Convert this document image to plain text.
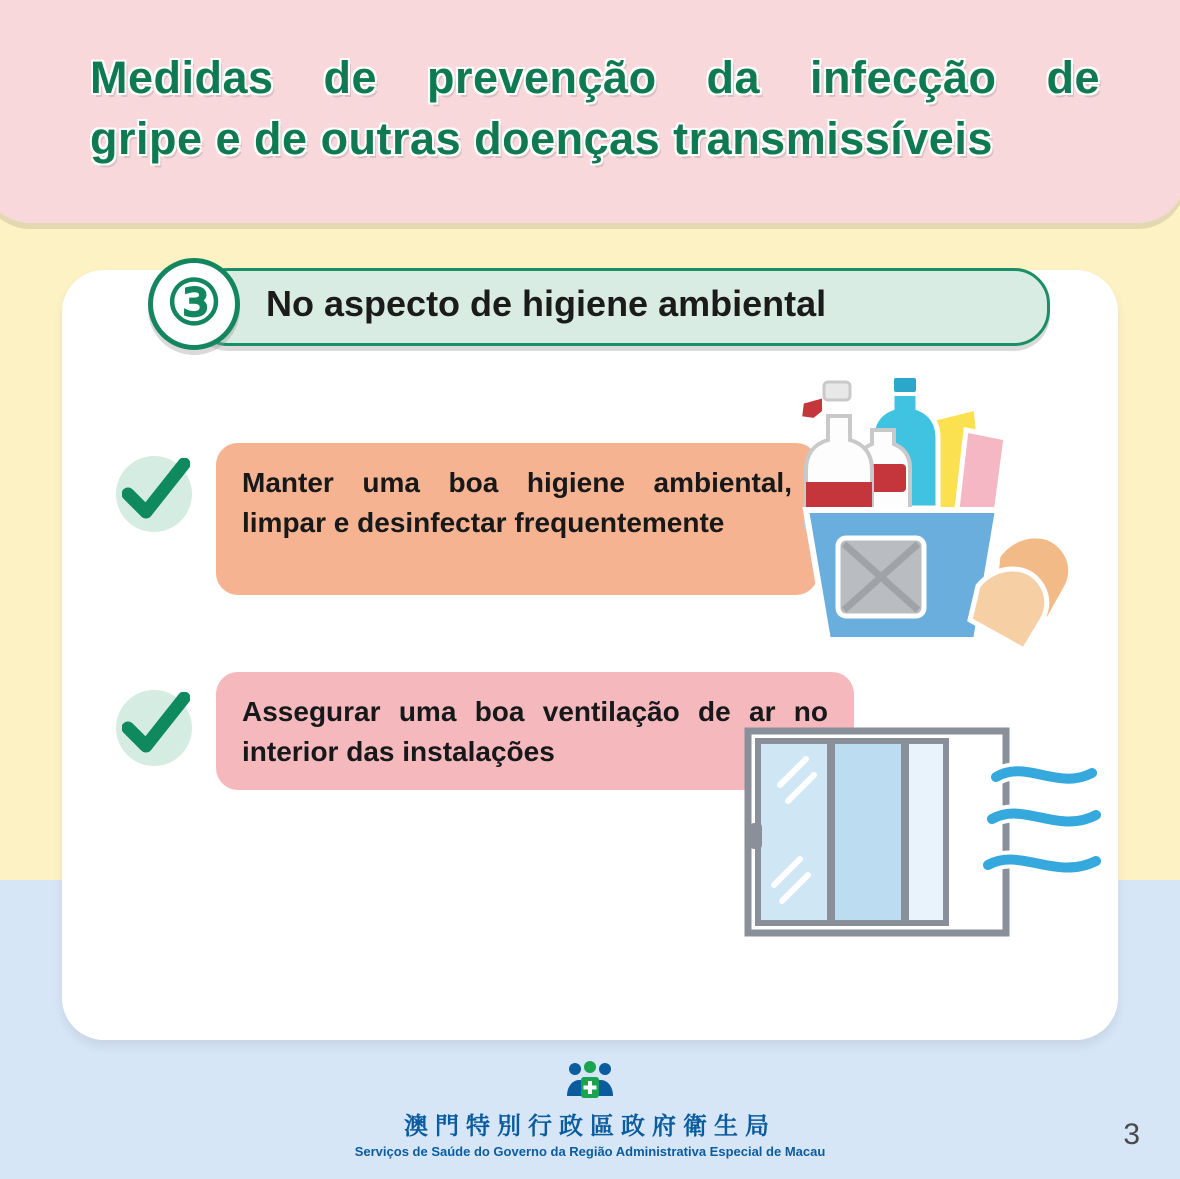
Medidas de prevenção da infecção de
gripe e de outras doenças transmissíveis
No aspecto de higiene ambiental
③
Manter uma boa higiene ambiental, limpar e desinfectar frequentemente
Assegurar uma boa ventilação de ar no interior das instalações

澳門特別行政區政府衛生局

Serviços de Saúde do Governo da Região Administrativa Especial de Macau

3
